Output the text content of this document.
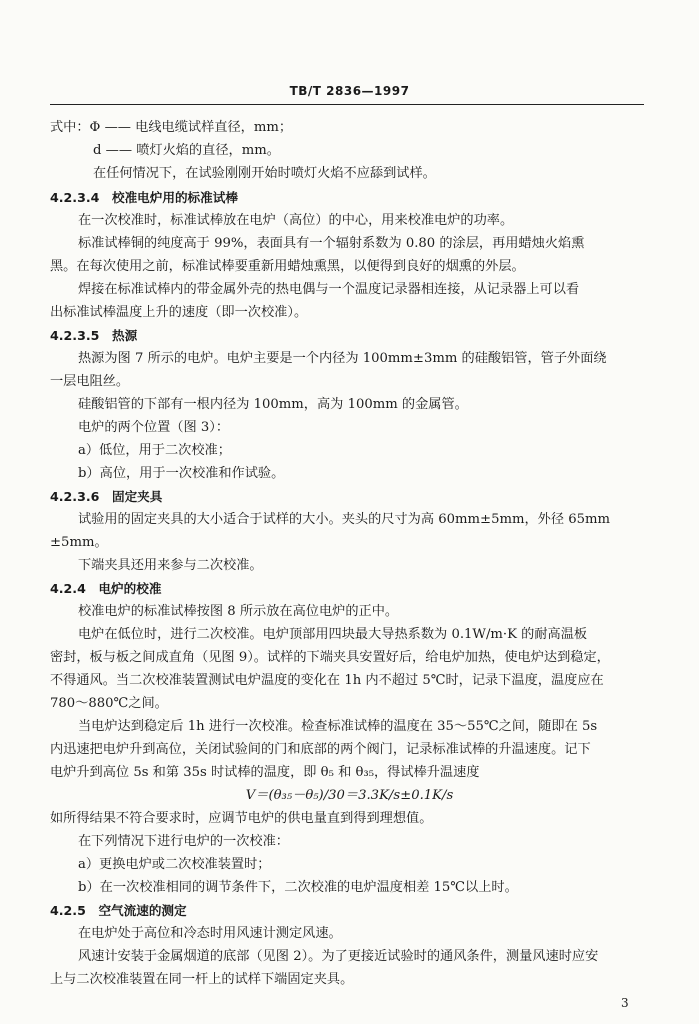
TB/T 2836—1997
式中：Φ —— 电线电缆试样直径，mm；
d —— 喷灯火焰的直径，mm。
在任何情况下，在试验刚刚开始时喷灯火焰不应舔到试样。
4.2.3.4　校准电炉用的标准试棒
在一次校准时，标准试棒放在电炉（高位）的中心，用来校准电炉的功率。
标准试棒铜的纯度高于 99%，表面具有一个辐射系数为 0.80 的涂层，再用蜡烛火焰熏
黑。在每次使用之前，标准试棒要重新用蜡烛熏黑，以便得到良好的烟熏的外层。
焊接在标准试棒内的带金属外壳的热电偶与一个温度记录器相连接，从记录器上可以看
出标准试棒温度上升的速度（即一次校准）。
4.2.3.5　热源
热源为图 7 所示的电炉。电炉主要是一个内径为 100mm±3mm 的硅酸铝管，管子外面绕
一层电阻丝。
硅酸铝管的下部有一根内径为 100mm，高为 100mm 的金属管。
电炉的两个位置（图 3）：
a）低位，用于二次校准；
b）高位，用于一次校准和作试验。
4.2.3.6　固定夹具
试验用的固定夹具的大小适合于试样的大小。夹头的尺寸为高 60mm±5mm，外径 65mm
±5mm。
下端夹具还用来参与二次校准。
4.2.4　电炉的校准
校准电炉的标准试棒按图 8 所示放在高位电炉的正中。
电炉在低位时，进行二次校准。电炉顶部用四块最大导热系数为 0.1W/m·K 的耐高温板
密封，板与板之间成直角（见图 9）。试样的下端夹具安置好后，给电炉加热，使电炉达到稳定，
不得通风。当二次校准装置测试电炉温度的变化在 1h 内不超过 5℃时，记录下温度，温度应在
780～880℃之间。
当电炉达到稳定后 1h 进行一次校准。检查标准试棒的温度在 35～55℃之间，随即在 5s
内迅速把电炉升到高位，关闭试验间的门和底部的两个阀门，记录标准试棒的升温速度。记下
电炉升到高位 5s 和第 35s 时试棒的温度，即 θ₅ 和 θ₃₅，得试棒升温速度
V＝(θ₃₅－θ₅)/30＝3.3K/s±0.1K/s
如所得结果不符合要求时，应调节电炉的供电量直到得到理想值。
在下列情况下进行电炉的一次校准：
a）更换电炉或二次校准装置时；
b）在一次校准相同的调节条件下，二次校准的电炉温度相差 15℃以上时。
4.2.5　空气流速的测定
在电炉处于高位和冷态时用风速计测定风速。
风速计安装于金属烟道的底部（见图 2）。为了更接近试验时的通风条件，测量风速时应安
上与二次校准装置在同一杆上的试样下端固定夹具。
3
